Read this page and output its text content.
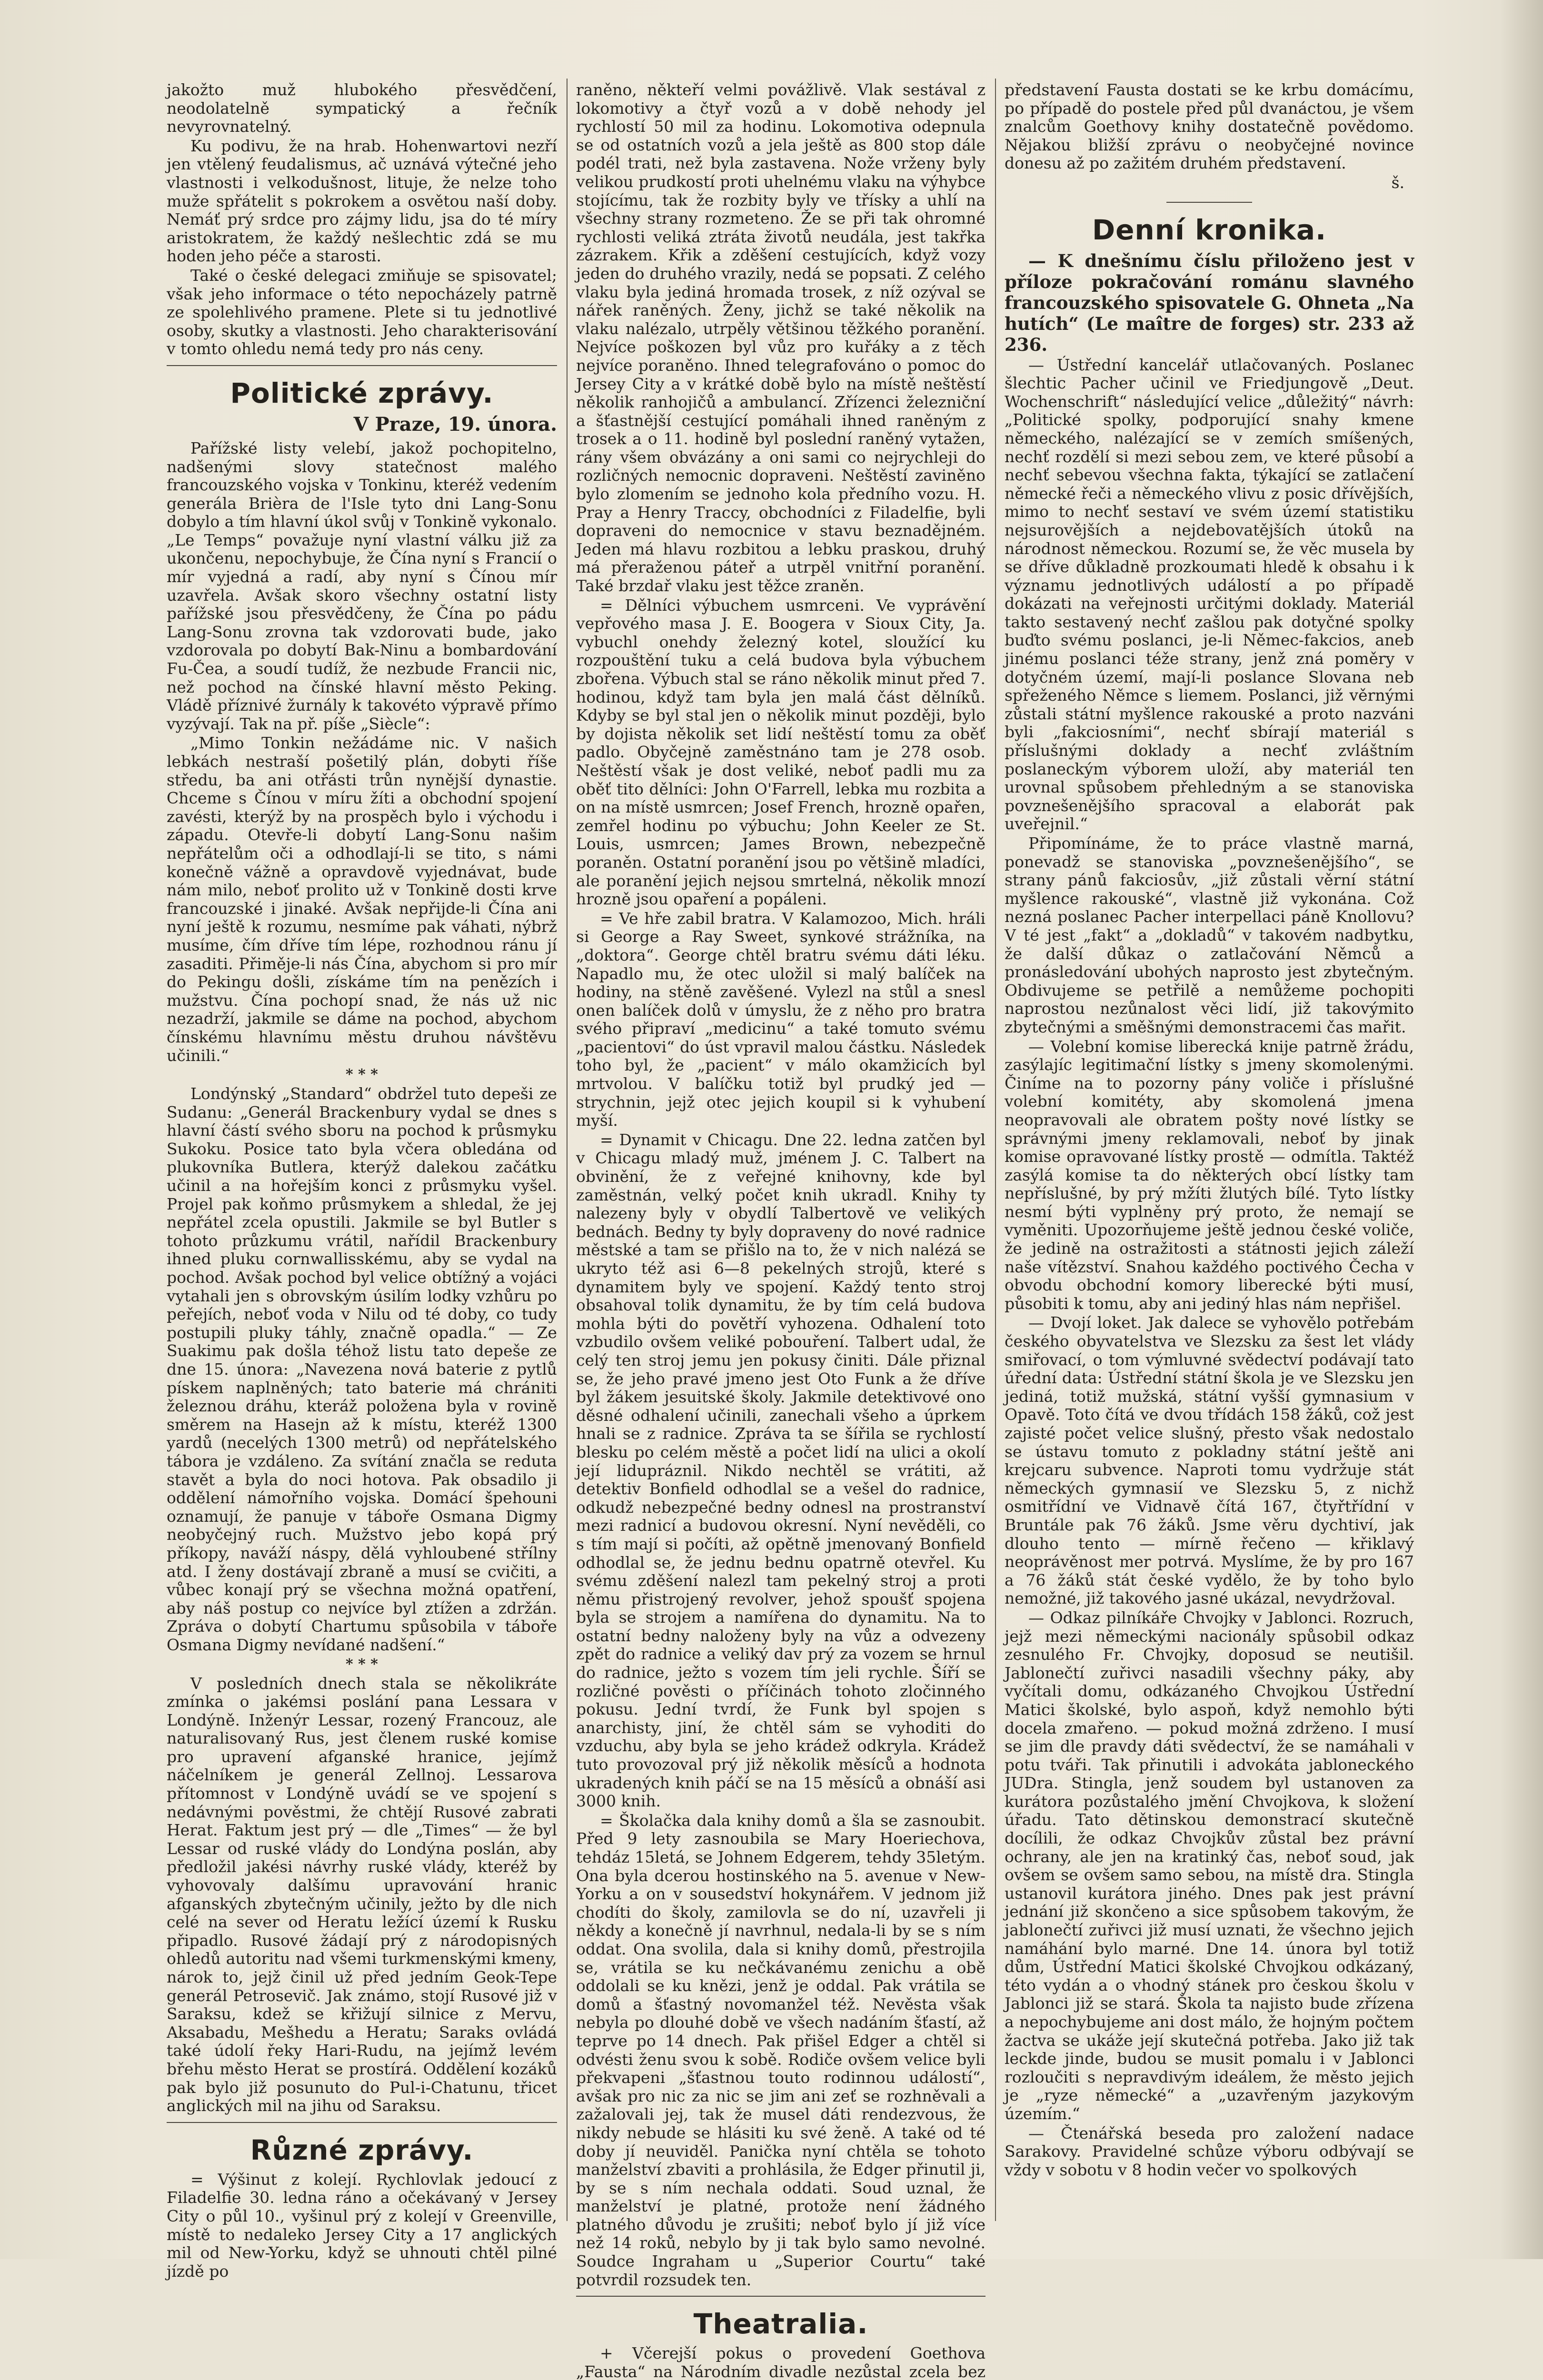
jakožto muž hlubokého přesvědčení, neodolatelně sympatický a řečník nevyrovnatelný.

Ku podivu, že na hrab. Hohenwartovi nezří jen vtělený feudalismus, ač uznává výtečné jeho vlastnosti i velkodušnost, lituje, že nelze toho muže spřátelit s pokrokem a osvětou naší doby. Nemáť prý srdce pro zájmy lidu, jsa do té míry aristokratem, že každý nešlechtic zdá se mu hoden jeho péče a starosti.

Také o české delegaci zmiňuje se spisovatel; však jeho informace o této nepocházely patrně ze spolehlivého pramene. Plete si tu jednotlivé osoby, skutky a vlastnosti. Jeho charakterisování v tomto ohledu nemá tedy pro nás ceny.

Politické zprávy.
V Praze, 19. února.

Pařížské listy velebí, jakož pochopitelno, nadšenými slovy statečnost malého francouzského vojska v Tonkinu, kteréž vedením generála Brièra de l'Isle tyto dni Lang-Sonu dobylo a tím hlavní úkol svůj v Tonkině vykonalo. „Le Temps“ považuje nyní vlastní válku již za ukončenu, nepochybuje, že Čína nyní s Francií o mír vyjedná a radí, aby nyní s Čínou mír uzavřela. Avšak skoro všechny ostatní listy pařížské jsou přesvědčeny, že Čína po pádu Lang-Sonu zrovna tak vzdorovati bude, jako vzdorovala po dobytí Bak-Ninu a bombardování Fu-Čea, a soudí tudíž, že nezbude Francii nic, než pochod na čínské hlavní město Peking. Vládě příznivé žurnály k takovéto výpravě přímo vyzývají. Tak na př. píše „Siècle“:

„Mimo Tonkin nežádáme nic. V našich lebkách nestraší pošetilý plán, dobyti říše středu, ba ani otřásti trůn nynější dynastie. Chceme s Čínou v míru žíti a obchodní spojení zavésti, kterýž by na prospěch bylo i východu i západu. Otevře-li dobytí Lang-Sonu našim nepřátelům oči a odhodlají-li se tito, s námi konečně vážně a opravdově vyjednávat, bude nám milo, neboť prolito už v Tonkině dosti krve francouzské i jinaké. Avšak nepřijde-li Čína ani nyní ještě k rozumu, nesmíme pak váhati, nýbrž musíme, čím dříve tím lépe, rozhodnou ránu jí zasaditi. Přiměje-li nás Čína, abychom si pro mír do Pekingu došli, získáme tím na penězích i mužstvu. Čína pochopí snad, že nás už nic nezadrží, jakmile se dáme na pochod, abychom čínskému hlavnímu městu druhou návštěvu učinili.“

* * *

Londýnský „Standard“ obdržel tuto depeši ze Sudanu: „Generál Brackenbury vydal se dnes s hlavní částí svého sboru na pochod k průsmyku Sukoku. Posice tato byla včera obledána od plukovníka Butlera, kterýž dalekou začátku učinil a na hořejším konci z průsmyku vyšel. Projel pak koňmo průsmykem a shledal, že jej nepřátel zcela opustili. Jakmile se byl Butler s tohoto průzkumu vrátil, nařídil Brackenbury ihned pluku cornwallisskému, aby se vydal na pochod. Avšak pochod byl velice obtížný a vojáci vytahali jen s obrovským úsilím lodky vzhůru po peřejích, neboť voda v Nilu od té doby, co tudy postupili pluky táhly, značně opadla.“ — Ze Suakimu pak došla téhož listu tato depeše ze dne 15. února: „Navezena nová baterie z pytlů pískem naplněných; tato baterie má chrániti železnou dráhu, kteráž položena byla v rovině směrem na Hasejn až k místu, kteréž 1300 yardů (necelých 1300 metrů) od nepřátelského tábora je vzdáleno. Za svítání značla se reduta stavět a byla do noci hotova. Pak obsadilo ji oddělení námořního vojska. Domácí špehouni oznamují, že panuje v táboře Osmana Digmy neobyčejný ruch. Mužstvo jebo kopá prý příkopy, naváží náspy, dělá vyhloubené střílny atd. I ženy dostávají zbraně a musí se cvičiti, a vůbec konají prý se všechna možná opatření, aby náš postup co nejvíce byl ztížen a zdržán. Zpráva o dobytí Chartumu spůsobila v táboře Osmana Digmy nevídané nadšení.“

* * *

V posledních dnech stala se několikráte zmínka o jakémsi poslání pana Lessara v Londýně. Inženýr Lessar, rozený Francouz, ale naturalisovaný Rus, jest členem ruské komise pro upravení afganské hranice, jejímž náčelníkem je generál Zellnoj. Lessarova přítomnost v Londýně uvádí se ve spojení s nedávnými pověstmi, že chtějí Rusové zabrati Herat. Faktum jest prý — dle „Times“ — že byl Lessar od ruské vlády do Londýna poslán, aby předložil jakési návrhy ruské vlády, kteréž by vyhovovaly dalšímu upravování hranic afganských zbytečným učinily, ježto by dle nich celé na sever od Heratu ležící území k Rusku připadlo. Rusové žádají prý z národopisných ohledů autoritu nad všemi turkmenskými kmeny, nárok to, jejž činil už před jedním Geok-Tepe generál Petrosevič. Jak známo, stojí Rusové již v Saraksu, kdež se křižují silnice z Mervu, Aksabadu, Mešhedu a Heratu; Saraks ovládá také údolí řeky Hari-Rudu, na jejímž levém břehu město Herat se prostírá. Oddělení kozáků pak bylo již posunuto do Pul-i-Chatunu, třicet anglických mil na jihu od Saraksu.

Různé zprávy.

= Výšinut z kolejí. Rychlovlak jedoucí z Filadelfie 30. ledna ráno a očekávaný v Jersey City o půl 10., vyšinul prý z kolejí v Greenville, místě to nedaleko Jersey City a 17 anglických mil od New-Yorku, když se uhnouti chtěl pilné jízdě po

raněno, někteří velmi povážlivě. Vlak sestával z lokomotivy a čtyř vozů a v době nehody jel rychlostí 50 mil za hodinu. Lokomotiva odepnula se od ostatních vozů a jela ještě as 800 stop dále podél trati, než byla zastavena. Nože vrženy byly velikou prudkostí proti uhelnému vlaku na výhybce stojícímu, tak že rozbity byly ve třísky a uhlí na všechny strany rozmeteno. Že se při tak ohromné rychlosti veliká ztráta životů neudála, jest takřka zázrakem. Křik a zděšení cestujících, když vozy jeden do druhého vrazily, nedá se popsati. Z celého vlaku byla jediná hromada trosek, z níž ozýval se nářek raněných. Ženy, jichž se také několik na vlaku nalézalo, utrpěly většinou těžkého poranění. Nejvíce poškozen byl vůz pro kuřáky a z těch nejvíce poraněno. Ihned telegrafováno o pomoc do Jersey City a v krátké době bylo na místě neštěstí několik ranhojičů a ambulancí. Zřízenci železniční a šťastnější cestující pomáhali ihned raněným z trosek a o 11. hodině byl poslední raněný vytažen, rány všem obvázány a oni sami co nejrychleji do rozličných nemocnic dopraveni. Neštěstí zaviněno bylo zlomením se jednoho kola předního vozu. H. Pray a Henry Traccy, obchodníci z Filadelfie, byli dopraveni do nemocnice v stavu beznadějném. Jeden má hlavu rozbitou a lebku praskou, druhý má přeraženou páteř a utrpěl vnitřní poranění. Také brzdař vlaku jest těžce zraněn.

= Dělníci výbuchem usmrceni. Ve vyprávění vepřového masa J. E. Boogera v Sioux City, Ja. vybuchl onehdy železný kotel, sloužící ku rozpouštění tuku a celá budova byla výbuchem zbořena. Výbuch stal se ráno několik minut před 7. hodinou, když tam byla jen malá část dělníků. Kdyby se byl stal jen o několik minut později, bylo by dojista několik set lidí neštěstí tomu za oběť padlo. Obyčejně zaměstnáno tam je 278 osob. Neštěstí však je dost veliké, neboť padli mu za oběť tito dělníci: John O'Farrell, lebka mu rozbita a on na místě usmrcen; Josef French, hrozně opařen, zemřel hodinu po výbuchu; John Keeler ze St. Louis, usmrcen; James Brown, nebezpečně poraněn. Ostatní poranění jsou po většině mladíci, ale poranění jejich nejsou smrtelná, několik mnozí hrozně jsou opaření a popáleni.

= Ve hře zabil bratra. V Kalamozoo, Mich. hráli si George a Ray Sweet, synkové strážníka, na „doktora“. George chtěl bratru svému dáti léku. Napadlo mu, že otec uložil si malý balíček na hodiny, na stěně zavěšené. Vylezl na stůl a snesl onen balíček dolů v úmyslu, že z něho pro bratra svého připraví „medicinu“ a také tomuto svému „pacientovi“ do úst vpravil malou částku. Následek toho byl, že „pacient“ v málo okamžicích byl mrtvolou. V balíčku totiž byl prudký jed — strychnin, jejž otec jejich koupil si k vyhubení myší.

= Dynamit v Chicagu. Dne 22. ledna zatčen byl v Chicagu mladý muž, jménem J. C. Talbert na obvinění, že z veřejné knihovny, kde byl zaměstnán, velký počet knih ukradl. Knihy ty nalezeny byly v obydlí Talbertově ve velikých bednách. Bedny ty byly dopraveny do nové radnice městské a tam se přišlo na to, že v nich nalézá se ukryto též asi 6—8 pekelných strojů, které s dynamitem byly ve spojení. Každý tento stroj obsahoval tolik dynamitu, že by tím celá budova mohla býti do povětří vyhozena. Odhalení toto vzbudilo ovšem veliké pobouření. Talbert udal, že celý ten stroj jemu jen pokusy činiti. Dále přiznal se, že jeho pravé jmeno jest Oto Funk a že dříve byl žákem jesuitské školy. Jakmile detektivové ono děsné odhalení učinili, zanechali všeho a úprkem hnali se z radnice. Zpráva ta se šířila se rychlostí blesku po celém městě a počet lidí na ulici a okolí její lidupráznil. Nikdo nechtěl se vrátiti, až detektiv Bonfield odhodlal se a vešel do radnice, odkudž nebezpečné bedny odnesl na prostranství mezi radnicí a budovou okresní. Nyní nevěděli, co s tím mají si počíti, až opětně jmenovaný Bonfield odhodlal se, že jednu bednu opatrně otevřel. Ku svému zděšení nalezl tam pekelný stroj a proti němu přistrojený revolver, jehož spoušť spojena byla se strojem a namířena do dynamitu. Na to ostatní bedny naloženy byly na vůz a odvezeny zpět do radnice a veliký dav prý za vozem se hrnul do radnice, ježto s vozem tím jeli rychle. Šíří se rozličné pověsti o příčinách tohoto zločinného pokusu. Jední tvrdí, že Funk byl spojen s anarchisty, jiní, že chtěl sám se vyhoditi do vzduchu, aby byla se jeho krádež odkryla. Krádež tuto provozoval prý již několik měsíců a hodnota ukradených knih páčí se na 15 měsíců a obnáší asi 3000 knih.

= Školačka dala knihy domů a šla se zasnoubit. Před 9 lety zasnoubila se Mary Hoeriechova, tehdáz 15letá, se Johnem Edgerem, tehdy 35letým. Ona byla dcerou hostinského na 5. avenue v New-Yorku a on v sousedství hokynářem. V jednom již chodíti do školy, zamilovla se do ní, uzavřeli ji někdy a konečně jí navrhnul, nedala-li by se s ním oddat. Ona svolila, dala si knihy domů, přestrojila se, vrátila se ku nečkávanému zenichu a obě oddolali se ku knězi, jenž je oddal. Pak vrátila se domů a šťastný novomanžel též. Nevěsta však nebyla po dlouhé době ve všech nadáním šťastí, až teprve po 14 dnech. Pak přišel Edger a chtěl si odvésti ženu svou k sobě. Rodiče ovšem velice byli překvapeni „šťastnou touto rodinnou událostí“, avšak pro nic za nic se jim ani zeť se rozhněvali a zažalovali jej, tak že musel dáti rendezvous, že nikdy nebude se hlásiti ku své ženě. A také od té doby jí neuviděl. Panička nyní chtěla se tohoto manželství zbaviti a prohlásila, že Edger přinutil ji, by se s ním nechala oddati. Soud uznal, že manželství je platné, protože není žádného platného důvodu je zrušiti; neboť bylo jí již více než 14 roků, nebylo by ji tak bylo samo nevolné. Soudce Ingraham u „Superior Courtu“ také potvrdil rozsudek ten.

Theatralia.

+ Včerejší pokus o provedení Goethova „Fausta“ na Národním divadle nezůstal zcela bez

představení Fausta dostati se ke krbu domácímu, po případě do postele před půl dvanáctou, je všem znalcům Goethovy knihy dostatečně povědomo. Nějakou bližší zprávu o neobyčejné novince donesu až po zažitém druhém představení.

š.
Denní kronika.

— K dnešnímu číslu přiloženo jest v příloze pokračování románu slavného francouzského spisovatele G. Ohneta „Na hutích“ (Le maître de forges) str. 233 až 236.

— Ústřední kancelář utlačovaných. Poslanec šlechtic Pacher učinil ve Friedjungově „Deut. Wochenschrift“ následující velice „důležitý“ návrh: „Politické spolky, podporující snahy kmene německého, nalézající se v zemích smíšených, nechť rozdělí si mezi sebou zem, ve které působí a nechť sebevou všechna fakta, týkající se zatlačení německé řeči a německého vlivu z posic dřívějších, mimo to nechť sestaví ve svém území statistiku nejsurovějších a nejdebovatějších útoků na národnost německou. Rozumí se, že věc musela by se dříve důkladně prozkoumati hledě k obsahu i k významu jednotlivých událostí a po případě dokázati na veřejnosti určitými doklady. Materiál takto sestavený nechť zašlou pak dotyčné spolky buďto svému poslanci, je-li Němec-fakcios, aneb jinému poslanci téže strany, jenž zná poměry v dotyčném území, mají-li poslance Slovana neb spřeženého Němce s liemem. Poslanci, již věrnými zůstali státní myšlence rakouské a proto nazváni byli „fakciosními“, nechť sbírají materiál s příslušnými doklady a nechť zvláštním poslaneckým výborem uloží, aby materiál ten urovnal spůsobem přehledným a se stanoviska povznešenějšího spracoval a elaborát pak uveřejnil.“

Připomínáme, že to práce vlastně marná, ponevadž se stanoviska „povznešenějšího“, se strany pánů fakciosův, „již zůstali věrní státní myšlence rakouské“, vlastně již vykonána. Což nezná poslanec Pacher interpellaci páně Knollovu? V té jest „fakt“ a „dokladů“ v takovém nadbytku, že další důkaz o zatlačování Němců a pronásledování ubohých naprosto jest zbytečným. Obdivujeme se petřilě a nemůžeme pochopiti naprostou nezůnalost věci lidí, již takovýmito zbytečnými a směšnými demonstracemi čas mařit.

— Volební komise liberecká knije patrně žrádu, zasýlajíc legitimační lístky s jmeny skomolenými. Činíme na to pozorny pány voliče i příslušné volební komitéty, aby skomolená jmena neopravovali ale obratem pošty nové lístky se správnými jmeny reklamovali, neboť by jinak komise opravované lístky prostě — odmítla. Taktéž zasýlá komise ta do některých obcí lístky tam nepříslušné, by prý mžíti žlutých bílé. Tyto lístky nesmí býti vyplněny prý proto, že nemají se vyměniti. Upozorňujeme ještě jednou české voliče, že jedině na ostražitosti a státnosti jejich záleží naše vítězství. Snahou každého poctivého Čecha v obvodu obchodní komory liberecké býti musí, působiti k tomu, aby ani jediný hlas nám nepřišel.

— Dvojí loket. Jak dalece se vyhovělo potřebám českého obyvatelstva ve Slezsku za šest let vlády smiřovací, o tom výmluvné svědectví podávají tato úřední data: Ústřední státní škola je ve Slezsku jen jediná, totiž mužská, státní vyšší gymnasium v Opavě. Toto čítá ve dvou třídách 158 žáků, což jest zajisté počet velice slušný, přesto však nedostalo se ústavu tomuto z pokladny státní ještě ani krejcaru subvence. Naproti tomu vydržuje stát německých gymnasií ve Slezsku 5, z nichž osmitřídní ve Vidnavě čítá 167, čtyřtřídní v Bruntále pak 76 žáků. Jsme věru dychtiví, jak dlouho tento — mírně řečeno — křiklavý neoprávěnost mer potrvá. Myslíme, že by pro 167 a 76 žáků stát české vydělo, že by toho bylo nemožné, již takového jasné ukázal, nevydržoval.

— Odkaz pilníkáře Chvojky v Jablonci. Rozruch, jejž mezi německými nacionály spůsobil odkaz zesnulého Fr. Chvojky, doposud se neutišil. Jablonečtí zuřivci nasadili všechny páky, aby vyčítali domu, odkázaného Chvojkou Ústřední Matici školské, bylo aspoň, když nemohlo býti docela zmařeno. — pokud možná zdrženo. I musí se jim dle pravdy dáti svědectví, že se namáhali v potu tváři. Tak přinutili i advokáta jabloneckého JUDra. Stingla, jenž soudem byl ustanoven za kurátora pozůstalého jmění Chvojkova, k složení úřadu. Tato dětinskou demonstrací skutečně docílili, že odkaz Chvojkův zůstal bez právní ochrany, ale jen na kratinký čas, neboť soud, jak ovšem se ovšem samo sebou, na místě dra. Stingla ustanovil kurátora jiného. Dnes pak jest právní jednání již skončeno a sice spůsobem takovým, že jablonečtí zuřivci již musí uznati, že všechno jejich namáhání bylo marné. Dne 14. února byl totiž dům, Ústřední Matici školské Chvojkou odkázaný, této vydán a o vhodný stánek pro českou školu v Jablonci již se stará. Škola ta najisto bude zřízena a nepochybujeme ani dost málo, že hojným počtem žactva se ukáže její skutečná potřeba. Jako již tak leckde jinde, budou se musit pomalu i v Jablonci rozloučiti s nepravdivým ideálem, že město jejich je „ryze německé“ a „uzavřeným jazykovým územím.“

— Čtenářská beseda pro založení nadace Sarakovy. Pravidelné schůze výboru odbývají se vždy v sobotu v 8 hodin večer vo spolkových
